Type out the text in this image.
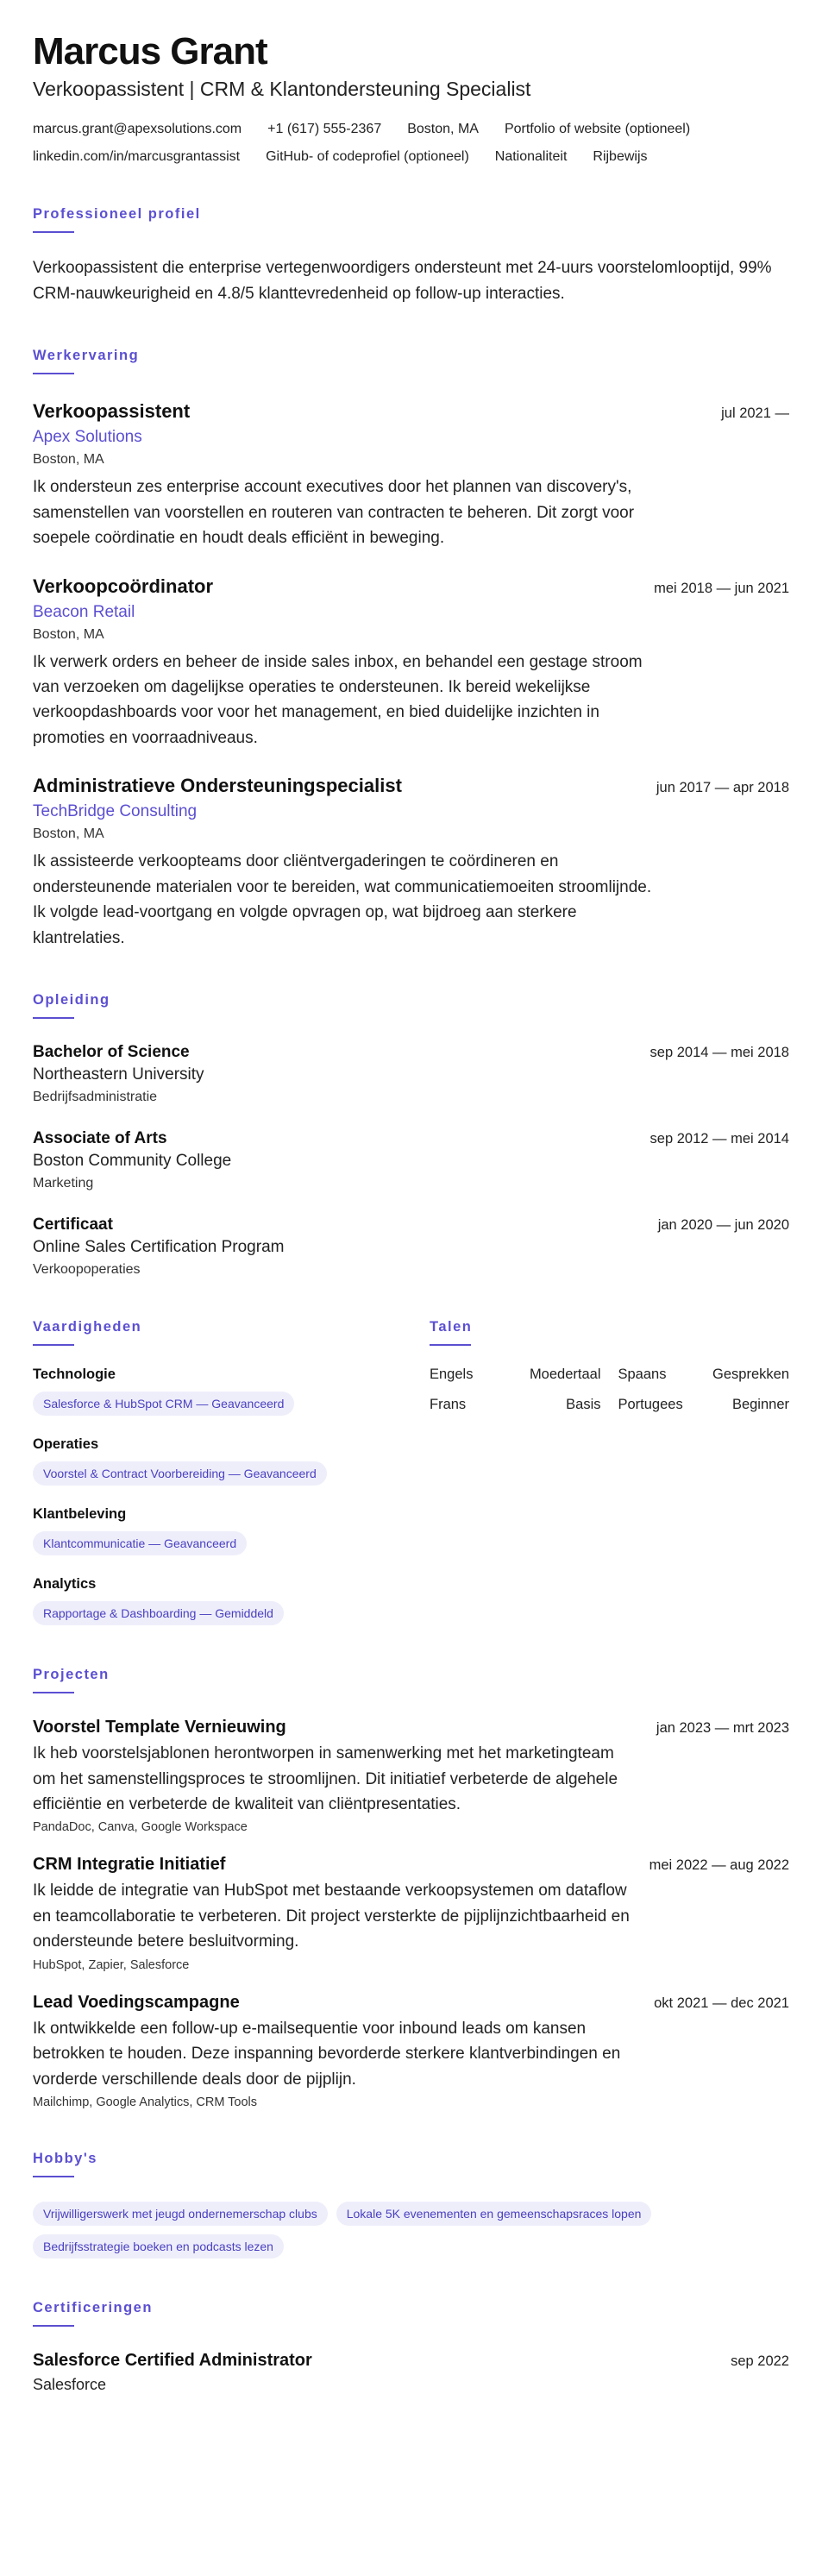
Marcus Grant
Verkoopassistent | CRM & Klantondersteuning Specialist
marcus.grant@apexsolutions.com +1 (617) 555-2367 Boston, MA Portfolio of website (optioneel)
linkedin.com/in/marcusgrantassist GitHub- of codeprofiel (optioneel) Nationaliteit Rijbewijs
Professioneel profiel
Verkoopassistent die enterprise vertegenwoordigers ondersteunt met 24-uurs voorstelomlooptijd, 99% CRM-nauwkeurigheid en 4.8/5 klanttevredenheid op follow-up interacties.
Werkervaring
Verkoopassistent	jul 2021 —
Apex Solutions
Boston, MA
Ik ondersteun zes enterprise account executives door het plannen van discovery's, samenstellen van voorstellen en routeren van contracten te beheren. Dit zorgt voor soepele coördinatie en houdt deals efficiënt in beweging.
Verkoopcoördinator	mei 2018 — jun 2021
Beacon Retail
Boston, MA
Ik verwerk orders en beheer de inside sales inbox, en behandel een gestage stroom van verzoeken om dagelijkse operaties te ondersteunen. Ik bereid wekelijkse verkoopdashboards voor voor het management, en bied duidelijke inzichten in promoties en voorraadniveaus.
Administratieve Ondersteuningspecialist	jun 2017 — apr 2018
TechBridge Consulting
Boston, MA
Ik assisteerde verkoopteams door cliëntvergaderingen te coördineren en ondersteunende materialen voor te bereiden, wat communicatiemoeiten stroomlijnde. Ik volgde lead-voortgang en volgde opvragen op, wat bijdroeg aan sterkere klantrelaties.
Opleiding
Bachelor of Science	sep 2014 — mei 2018
Northeastern University
Bedrijfsadministratie
Associate of Arts	sep 2012 — mei 2014
Boston Community College
Marketing
Certificaat	jan 2020 — jun 2020
Online Sales Certification Program
Verkoopoperaties
Vaardigheden
Technologie
Salesforce & HubSpot CRM — Geavanceerd
Operaties
Voorstel & Contract Voorbereiding — Geavanceerd
Klantbeleving
Klantcommunicatie — Geavanceerd
Analytics
Rapportage & Dashboarding — Gemiddeld
Talen
Engels	Moedertaal Spaans	Gesprekken
Frans	Basis Portugees	Beginner
Projecten
Voorstel Template Vernieuwing	jan 2023 — mrt 2023
Ik heb voorstelsjablonen herontworpen in samenwerking met het marketingteam om het samenstellingsproces te stroomlijnen. Dit initiatief verbeterde de algehele efficiëntie en verbeterde de kwaliteit van cliëntpresentaties.
PandaDoc, Canva, Google Workspace
CRM Integratie Initiatief	mei 2022 — aug 2022
Ik leidde de integratie van HubSpot met bestaande verkoopsystemen om dataflow en teamcollaboratie te verbeteren. Dit project versterkte de pijplijnzichtbaarheid en ondersteunde betere besluitvorming.
HubSpot, Zapier, Salesforce
Lead Voedingscampagne	okt 2021 — dec 2021
Ik ontwikkelde een follow-up e-mailsequentie voor inbound leads om kansen betrokken te houden. Deze inspanning bevorderde sterkere klantverbindingen en vorderde verschillende deals door de pijplijn.
Mailchimp, Google Analytics, CRM Tools
Hobby's
Vrijwilligerswerk met jeugd ondernemerschap clubs	Lokale 5K evenementen en gemeenschapsraces lopen
Bedrijfsstrategie boeken en podcasts lezen
Certificeringen
Salesforce Certified Administrator	sep 2022
Salesforce
